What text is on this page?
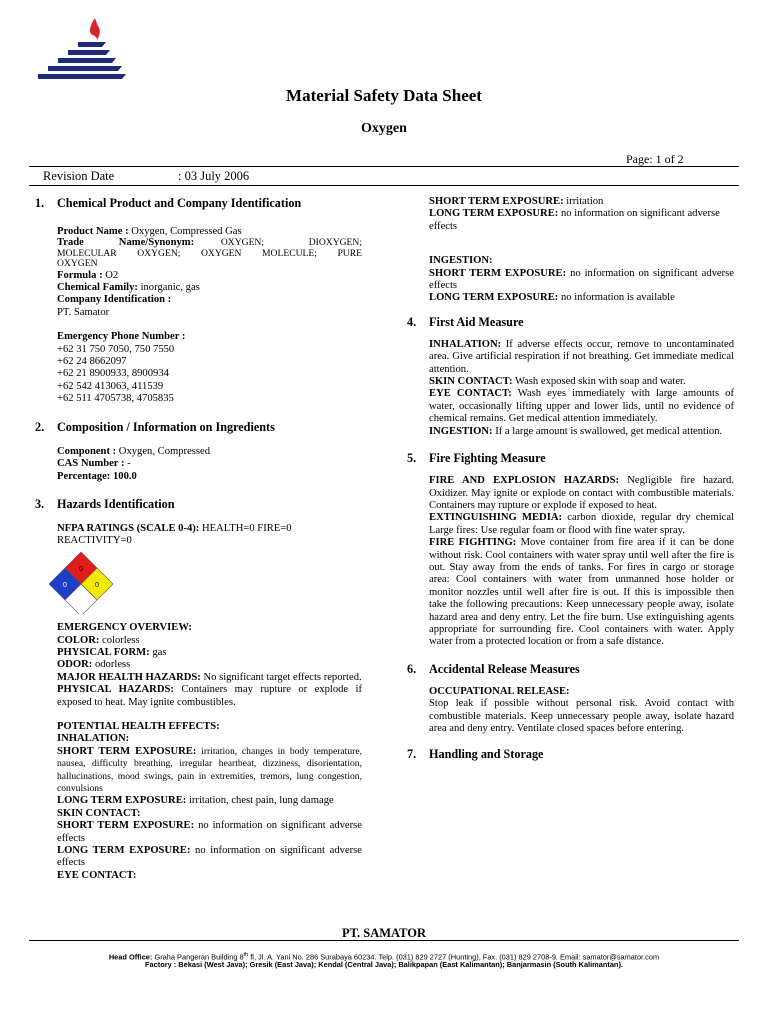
Material Safety Data Sheet
Oxygen
Page: 1 of 2
Revision Date	: 03 July 2006
1. Chemical Product and Company Identification
Product Name : Oxygen, Compressed Gas
Trade Name/Synonym:	OXYGEN; DIOXYGEN; MOLECULAR OXYGEN; OXYGEN MOLECULE; PURE OXYGEN
Formula : O2
Chemical Family: inorganic, gas
Company Identification :
PT. Samator
Emergency Phone Number :
+62 31 750 7050, 750 7550
+62 24 8662097
+62 21 8900933, 8900934
+62 542 413063, 411539
+62 511 4705738, 4705835
2. Composition / Information on Ingredients
Component : Oxygen, Compressed
CAS Number : -
Percentage: 100.0
3. Hazards Identification
NFPA RATINGS (SCALE 0-4): HEALTH=0 FIRE=0 REACTIVITY=0
0
0	0
EMERGENCY OVERVIEW:
COLOR: colorless
PHYSICAL FORM: gas
ODOR: odorless
MAJOR HEALTH HAZARDS: No significant target effects reported.
PHYSICAL HAZARDS: Containers may rupture or explode if exposed to heat. May ignite combustibles.
POTENTIAL HEALTH EFFECTS:
INHALATION:
SHORT TERM EXPOSURE: irritation, changes in body temperature, nausea, difficulty breathing, irregular heartbeat, dizziness, disorientation, hallucinations, mood swings, pain in extremities, tremors, lung congestion, convulsions
LONG TERM EXPOSURE: irritation, chest pain, lung damage
SKIN CONTACT:
SHORT TERM EXPOSURE: no information on significant adverse effects
LONG TERM EXPOSURE: no information on significant adverse effects
EYE CONTACT:
SHORT TERM EXPOSURE: irritation
LONG TERM EXPOSURE: no information on significant adverse effects
INGESTION:
SHORT TERM EXPOSURE: no information on significant adverse effects
LONG TERM EXPOSURE: no information is available
4. First Aid Measure
INHALATION: If adverse effects occur, remove to uncontaminated area. Give artificial respiration if not breathing. Get immediate medical attention.
SKIN CONTACT: Wash exposed skin with soap and water.
EYE CONTACT: Wash eyes immediately with large amounts of water, occasionally lifting upper and lower lids, until no evidence of chemical remains. Get medical attention immediately.
INGESTION: If a large amount is swallowed, get medical attention.
5. Fire Fighting Measure
FIRE AND EXPLOSION HAZARDS: Negligible fire hazard. Oxidizer. May ignite or explode on contact with combustible materials. Containers may rupture or explode if exposed to heat.
EXTINGUISHING MEDIA: carbon dioxide, regular dry chemical Large fires: Use regular foam or flood with fine water spray.
FIRE FIGHTING: Move container from fire area if it can be done without risk. Cool containers with water spray until well after the fire is out. Stay away from the ends of tanks. For fires in cargo or storage area: Cool containers with water from unmanned hose holder or monitor nozzles until well after fire is out. If this is impossible then take the following precautions: Keep unnecessary people away, isolate hazard area and deny entry. Let the fire burn. Use extinguishing agents appropriate for surrounding fire. Cool containers with water. Apply water from a protected location or from a safe distance.
6. Accidental Release Measures
OCCUPATIONAL RELEASE:
Stop leak if possible without personal risk. Avoid contact with combustible materials. Keep unnecessary people away, isolate hazard area and deny entry. Ventilate closed spaces before entering.
7. Handling and Storage
PT. SAMATOR
Head Office: Graha Pangeran Building 8th fl, Jl. A. Yani No. 286 Surabaya 60234. Telp. (031) 829 2727 (Hunting), Fax. (031) 829 2708-9. Email: samator@samator.com
Factory : Bekasi (West Java); Gresik (East Java); Kendal (Central Java); Balikpapan (East Kalimantan); Banjarmasin (South Kalimantan).
